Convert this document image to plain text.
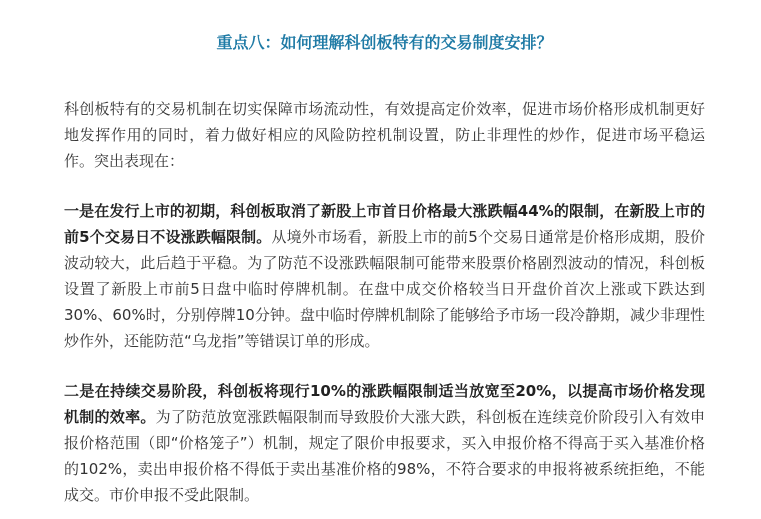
重点八：如何理解科创板特有的交易制度安排？

科创板特有的交易机制在切实保障市场流动性，有效提高定价效率，促进市场价格形成机制更好地发挥作用的同时，着力做好相应的风险防控机制设置，防止非理性的炒作，促进市场平稳运作。突出表现在：

一是在发行上市的初期，科创板取消了新股上市首日价格最大涨跌幅44%的限制，在新股上市的前5个交易日不设涨跌幅限制。从境外市场看，新股上市的前5个交易日通常是价格形成期，股价波动较大，此后趋于平稳。为了防范不设涨跌幅限制可能带来股票价格剧烈波动的情况，科创板设置了新股上市前5日盘中临时停牌机制。在盘中成交价格较当日开盘价首次上涨或下跌达到30%、60%时，分别停牌10分钟。盘中临时停牌机制除了能够给予市场一段冷静期，减少非理性炒作外，还能防范“乌龙指”等错误订单的形成。

二是在持续交易阶段，科创板将现行10%的涨跌幅限制适当放宽至20%，以提高市场价格发现机制的效率。为了防范放宽涨跌幅限制而导致股价大涨大跌，科创板在连续竞价阶段引入有效申报价格范围（即“价格笼子”）机制，规定了限价申报要求，买入申报价格不得高于买入基准价格的102%，卖出申报价格不得低于卖出基准价格的98%，不符合要求的申报将被系统拒绝，不能成交。市价申报不受此限制。
